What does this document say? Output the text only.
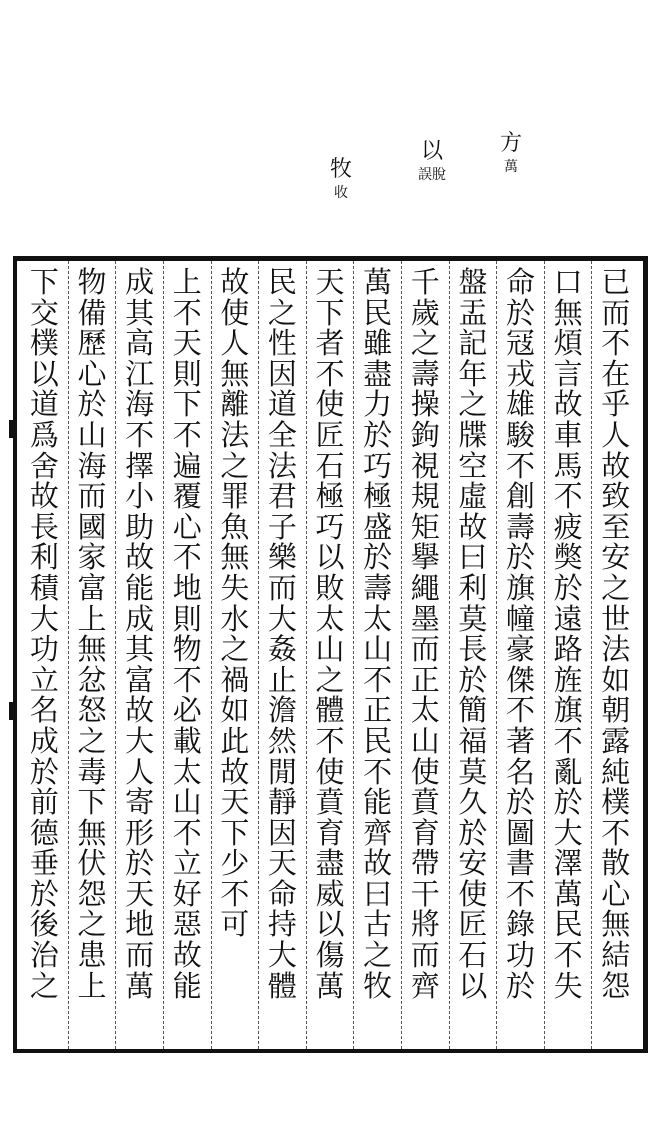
方
萬
以
誤脫
牧
收
已
而
不
在
乎
人
故
致
至
安
之
世
法
如
朝
露
純
樸
不
散
心
無
結
怨
口
無
煩
言
故
車
馬
不
疲
獘
於
遠
路
旌
旗
不
亂
於
大
澤
萬
民
不
失
命
於
冦
戎
雄
駿
不
創
壽
於
旗
幢
豪
傑
不
著
名
於
圖
書
不
錄
功
於
盤
盂
記
年
之
牒
空
虛
故
曰
利
莫
長
於
簡
福
莫
久
於
安
使
匠
石
以
千
歲
之
壽
操
鉤
視
規
矩
擧
繩
墨
而
正
太
山
使
賁
育
帶
干
將
而
齊
萬
民
雖
盡
力
於
巧
極
盛
於
壽
太
山
不
正
民
不
能
齊
故
曰
古
之
牧
天
下
者
不
使
匠
石
極
巧
以
敗
太
山
之
體
不
使
賁
育
盡
威
以
傷
萬
民
之
性
因
道
全
法
君
子
樂
而
大
姦
止
澹
然
閒
靜
因
天
命
持
大
體
故
使
人
無
離
法
之
罪
魚
無
失
水
之
禍
如
此
故
天
下
少
不
可
上
不
天
則
下
不
遍
覆
心
不
地
則
物
不
必
載
太
山
不
立
好
惡
故
能
成
其
高
江
海
不
擇
小
助
故
能
成
其
富
故
大
人
寄
形
於
天
地
而
萬
物
備
歷
心
於
山
海
而
國
家
富
上
無
忿
怒
之
毒
下
無
伏
怨
之
患
上
下
交
樸
以
道
爲
舍
故
長
利
積
大
功
立
名
成
於
前
德
垂
於
後
治
之
